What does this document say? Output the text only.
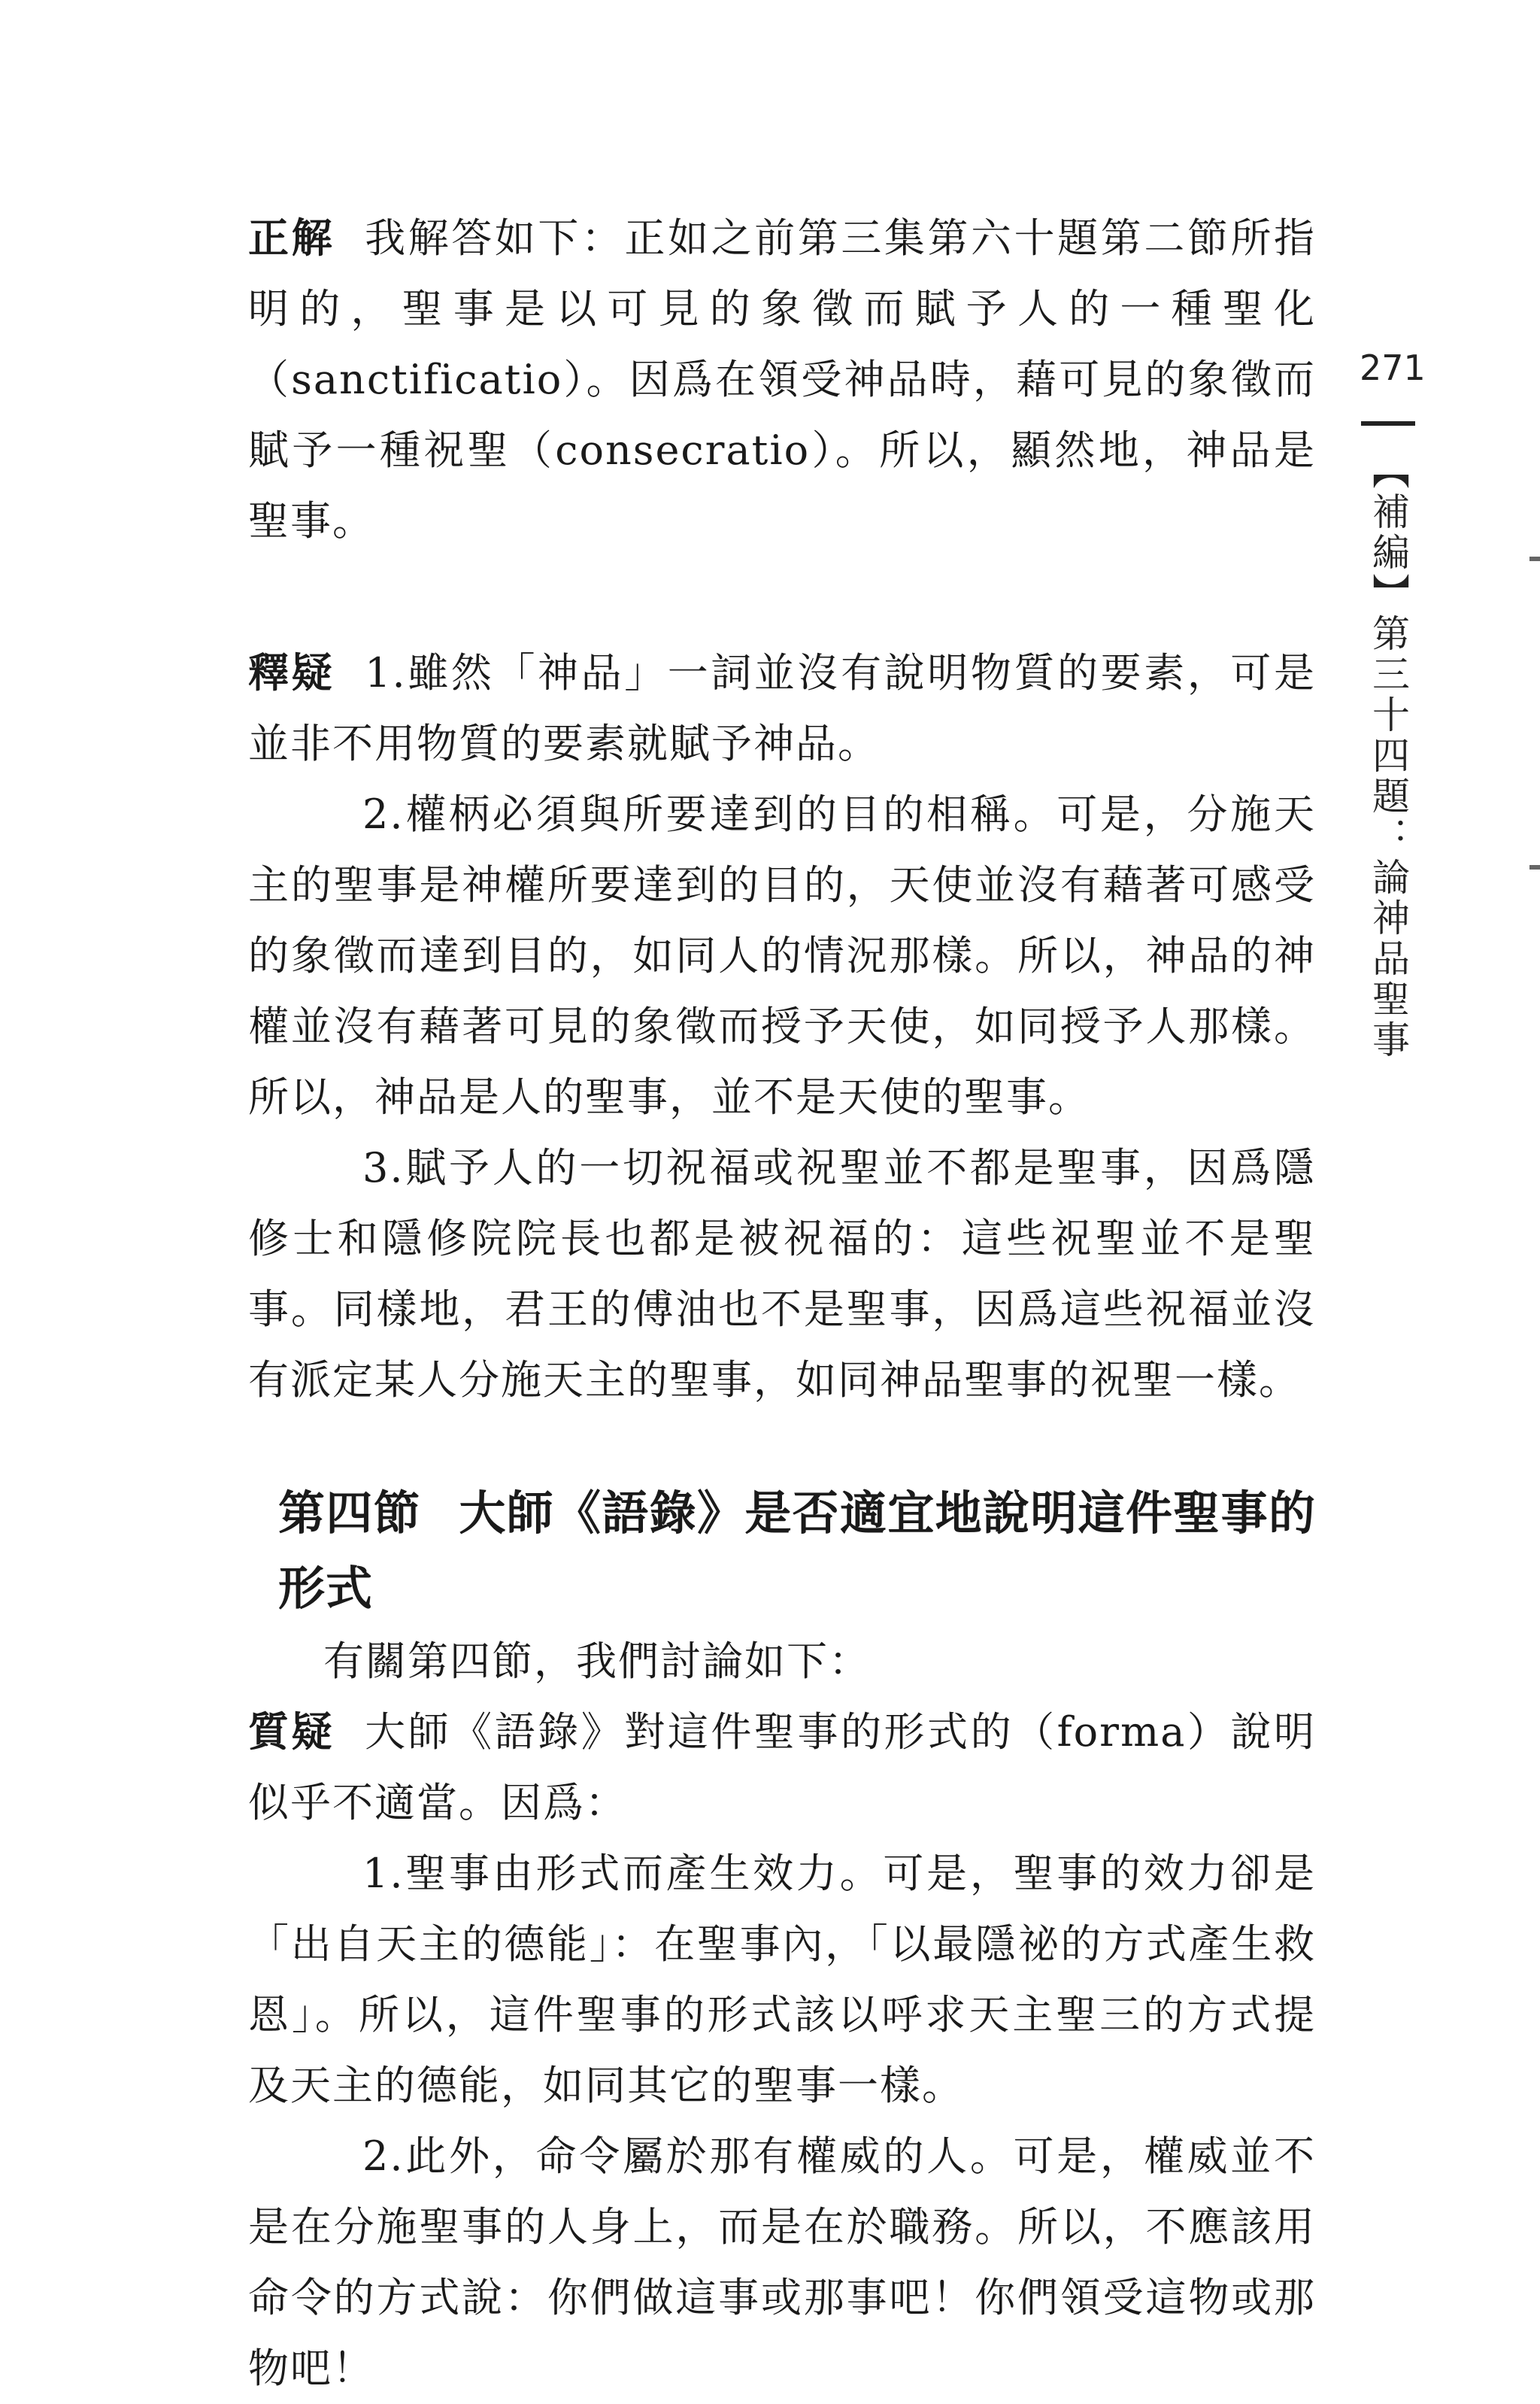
正解 我解答如下：正如之前第三集第六十題第二節所指明的，聖事是以可見的象徵而賦予人的一種聖化（sanctificatio）。因爲在領受神品時，藉可見的象徵而賦予一種祝聖（consecratio）。所以，顯然地，神品是聖事。

釋疑 1.雖然「神品」一詞並沒有說明物質的要素，可是並非不用物質的要素就賦予神品。

2.權柄必須與所要達到的目的相稱。可是，分施天主的聖事是神權所要達到的目的，天使並沒有藉著可感受的象徵而達到目的，如同人的情況那樣。所以，神品的神權並沒有藉著可見的象徵而授予天使，如同授予人那樣。所以，神品是人的聖事，並不是天使的聖事。

3.賦予人的一切祝福或祝聖並不都是聖事，因爲隱修士和隱修院院長也都是被祝福的：這些祝聖並不是聖事。同樣地，君王的傅油也不是聖事，因爲這些祝福並沒有派定某人分施天主的聖事，如同神品聖事的祝聖一樣。

第四節 大師《語錄》是否適宜地說明這件聖事的形式

有關第四節，我們討論如下：

質疑 大師《語錄》對這件聖事的形式的（forma）說明似乎不適當。因爲：

1.聖事由形式而產生效力。可是，聖事的效力卻是「出自天主的德能」：在聖事內，「以最隱祕的方式產生救恩」。所以，這件聖事的形式該以呼求天主聖三的方式提及天主的德能，如同其它的聖事一樣。

2.此外，命令屬於那有權威的人。可是，權威並不是在分施聖事的人身上，而是在於職務。所以，不應該用命令的方式說：你們做這事或那事吧！你們領受這物或那物吧！

271
【補編】第三十四題：論神品聖事
